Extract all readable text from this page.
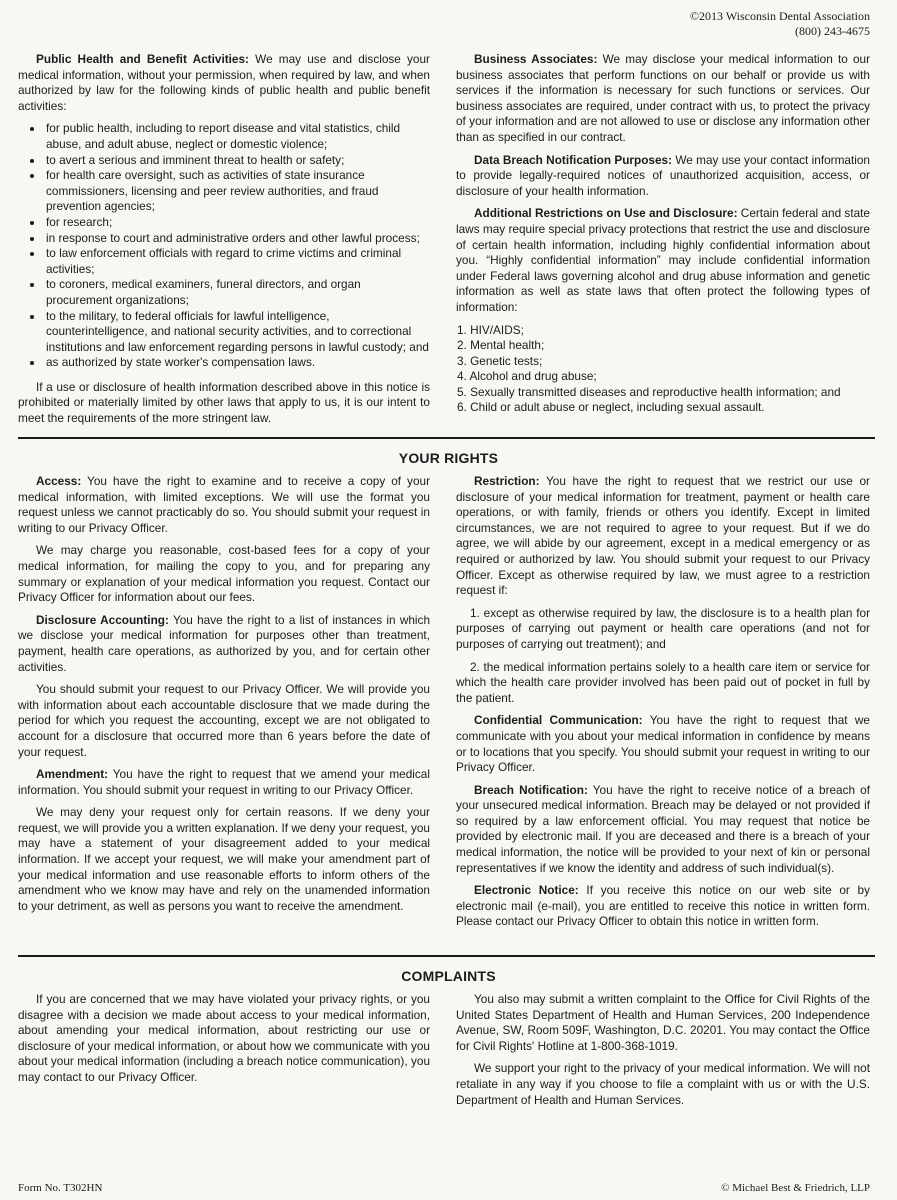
©2013 Wisconsin Dental Association
(800) 243-4675

Public Health and Benefit Activities: We may use and disclose your medical information, without your permission, when required by law, and when authorized by law for the following kinds of public health and public benefit activities:

• for public health, including to report disease and vital statistics, child abuse, and adult abuse, neglect or domestic violence;
• to avert a serious and imminent threat to health or safety;
• for health care oversight, such as activities of state insurance commissioners, licensing and peer review authorities, and fraud prevention agencies;
• for research;
• in response to court and administrative orders and other lawful process;
• to law enforcement officials with regard to crime victims and criminal activities;
• to coroners, medical examiners, funeral directors, and organ procurement organizations;
• to the military, to federal officials for lawful intelligence, counterintelligence, and national security activities, and to correctional institutions and law enforcement regarding persons in lawful custody; and
• as authorized by state worker's compensation laws.

If a use or disclosure of health information described above in this notice is prohibited or materially limited by other laws that apply to us, it is our intent to meet the requirements of the more stringent law.

Business Associates: We may disclose your medical information to our business associates that perform functions on our behalf or provide us with services if the information is necessary for such functions or services. Our business associates are required, under contract with us, to protect the privacy of your information and are not allowed to use or disclose any information other than as specified in our contract.

Data Breach Notification Purposes: We may use your contact information to provide legally-required notices of unauthorized acquisition, access, or disclosure of your health information.

Additional Restrictions on Use and Disclosure: Certain federal and state laws may require special privacy protections that restrict the use and disclosure of certain health information, including highly confidential information about you. “Highly confidential information” may include confidential information under Federal laws governing alcohol and drug abuse information and genetic information as well as state laws that often protect the following types of information:

1. HIV/AIDS;
2. Mental health;
3. Genetic tests;
4. Alcohol and drug abuse;
5. Sexually transmitted diseases and reproductive health information; and
6. Child or adult abuse or neglect, including sexual assault.
YOUR RIGHTS

Access: You have the right to examine and to receive a copy of your medical information, with limited exceptions. We will use the format you request unless we cannot practicably do so. You should submit your request in writing to our Privacy Officer.

We may charge you reasonable, cost-based fees for a copy of your medical information, for mailing the copy to you, and for preparing any summary or explanation of your medical information you request. Contact our Privacy Officer for information about our fees.

Disclosure Accounting: You have the right to a list of instances in which we disclose your medical information for purposes other than treatment, payment, health care operations, as authorized by you, and for certain other activities.

You should submit your request to our Privacy Officer. We will provide you with information about each accountable disclosure that we made during the period for which you request the accounting, except we are not obligated to account for a disclosure that occurred more than 6 years before the date of your request.

Amendment: You have the right to request that we amend your medical information. You should submit your request in writing to our Privacy Officer.

We may deny your request only for certain reasons. If we deny your request, we will provide you a written explanation. If we deny your request, you may have a statement of your disagreement added to your medical information. If we accept your request, we will make your amendment part of your medical information and use reasonable efforts to inform others of the amendment who we know may have and rely on the unamended information to your detriment, as well as persons you want to receive the amendment.

Restriction: You have the right to request that we restrict our use or disclosure of your medical information for treatment, payment or health care operations, or with family, friends or others you identify. Except in limited circumstances, we are not required to agree to your request. But if we do agree, we will abide by our agreement, except in a medical emergency or as required or authorized by law. You should submit your request to our Privacy Officer. Except as otherwise required by law, we must agree to a restriction request if:

1. except as otherwise required by law, the disclosure is to a health plan for purposes of carrying out payment or health care operations (and not for purposes of carrying out treatment); and

2. the medical information pertains solely to a health care item or service for which the health care provider involved has been paid out of pocket in full by the patient.

Confidential Communication: You have the right to request that we communicate with you about your medical information in confidence by means or to locations that you specify. You should submit your request in writing to our Privacy Officer.

Breach Notification: You have the right to receive notice of a breach of your unsecured medical information. Breach may be delayed or not provided if so required by a law enforcement official. You may request that notice be provided by electronic mail. If you are deceased and there is a breach of your medical information, the notice will be provided to your next of kin or personal representatives if we know the identity and address of such individual(s).

Electronic Notice: If you receive this notice on our web site or by electronic mail (e-mail), you are entitled to receive this notice in written form. Please contact our Privacy Officer to obtain this notice in written form.

COMPLAINTS

If you are concerned that we may have violated your privacy rights, or you disagree with a decision we made about access to your medical information, about amending your medical information, about restricting our use or disclosure of your medical information, or about how we communicate with you about your medical information (including a breach notice communication), you may contact to our Privacy Officer.

You also may submit a written complaint to the Office for Civil Rights of the United States Department of Health and Human Services, 200 Independence Avenue, SW, Room 509F, Washington, D.C. 20201. You may contact the Office for Civil Rights' Hotline at 1-800-368-1019.

We support your right to the privacy of your medical information. We will not retaliate in any way if you choose to file a complaint with us or with the U.S. Department of Health and Human Services.

Form No. T302HN	© Michael Best & Friedrich, LLP
